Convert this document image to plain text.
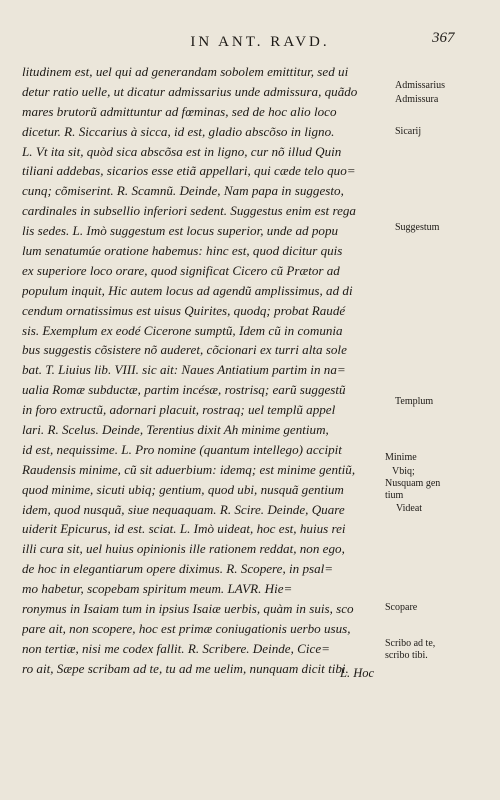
IN ANT. RAVD.	367
litudinem est, uel qui ad generandam sobolem emittitur, sed ui
detur ratio uelle, ut dicatur admissarius unde admissura, quãdo
mares brutorũ admittuntur ad fœminas, sed de hoc alio loco
dicetur. R. Siccarius à sicca, id est, gladio abscõso in ligno.
L. Vt ita sit, quòd sica abscõsa est in ligno, cur nõ illud Quin
tiliani addebas, sicarios esse etiã appellari, qui cæde telo quo=
cunq; cõmiserint. R. Scamnũ. Deinde, Nam papa in suggesto,
cardinales in subsellio inferiori sedent. Suggestus enim est rega
lis sedes. L. Imò suggestum est locus superior, unde ad popu
lum senatumúe oratione habemus: hinc est, quod dicitur quis
ex superiore loco orare, quod significat Cicero cũ Prætor ad
populum inquit, Hic autem locus ad agendũ amplissimus, ad di
cendum ornatissimus est uisus Quirites, quodq; probat Raudé
sis. Exemplum ex eodé Cicerone sumptũ, Idem cũ in comunia
bus suggestis cõsistere nõ auderet, cõcionari ex turri alta sole
bat. T. Liuius lib. VIII. sic ait: Naues Antiatium partim in na=
ualia Romæ subductæ, partim incésæ, rostrisq; earũ suggestũ
in foro extructũ, adornari placuit, rostraq; uel templũ appel
lari. R. Scelus. Deinde, Terentius dixit Ah minime gentium,
id est, nequissime. L. Pro nomine (quantum intellego) accipit
Raudensis minime, cũ sit aduerbium: idemq; est minime gentiũ,
quod minime, sicuti ubiq; gentium, quod ubi, nusquã gentium
idem, quod nusquã, siue nequaquam. R. Scire. Deinde, Quare
uiderit Epicurus, id est. sciat. L. Imò uideat, hoc est, huius rei
illi cura sit, uel huius opinionis ille rationem reddat, non ego,
de hoc in elegantiarum opere diximus. R. Scopere, in psal=
mo habetur, scopebam spiritum meum. LAVR. Hie=
ronymus in Isaiam tum in ipsius Isaiæ uerbis, quàm in suis, sco
pare ait, non scopere, hoc est primæ coniugationis uerbo usus,
non tertiæ, nisi me codex fallit. R. Scribere. Deinde, Cice=
ro ait, Sæpe scribam ad te, tu ad me uelim, nunquam dicit tibi.
L. Hoc
Admissarius
Admissura
Sicarij
Suggestum
Templum
Minime
Vbiq;
Nusquam gen
tium
Videat
Scopare
Scribo ad te,
scribo tibi.
